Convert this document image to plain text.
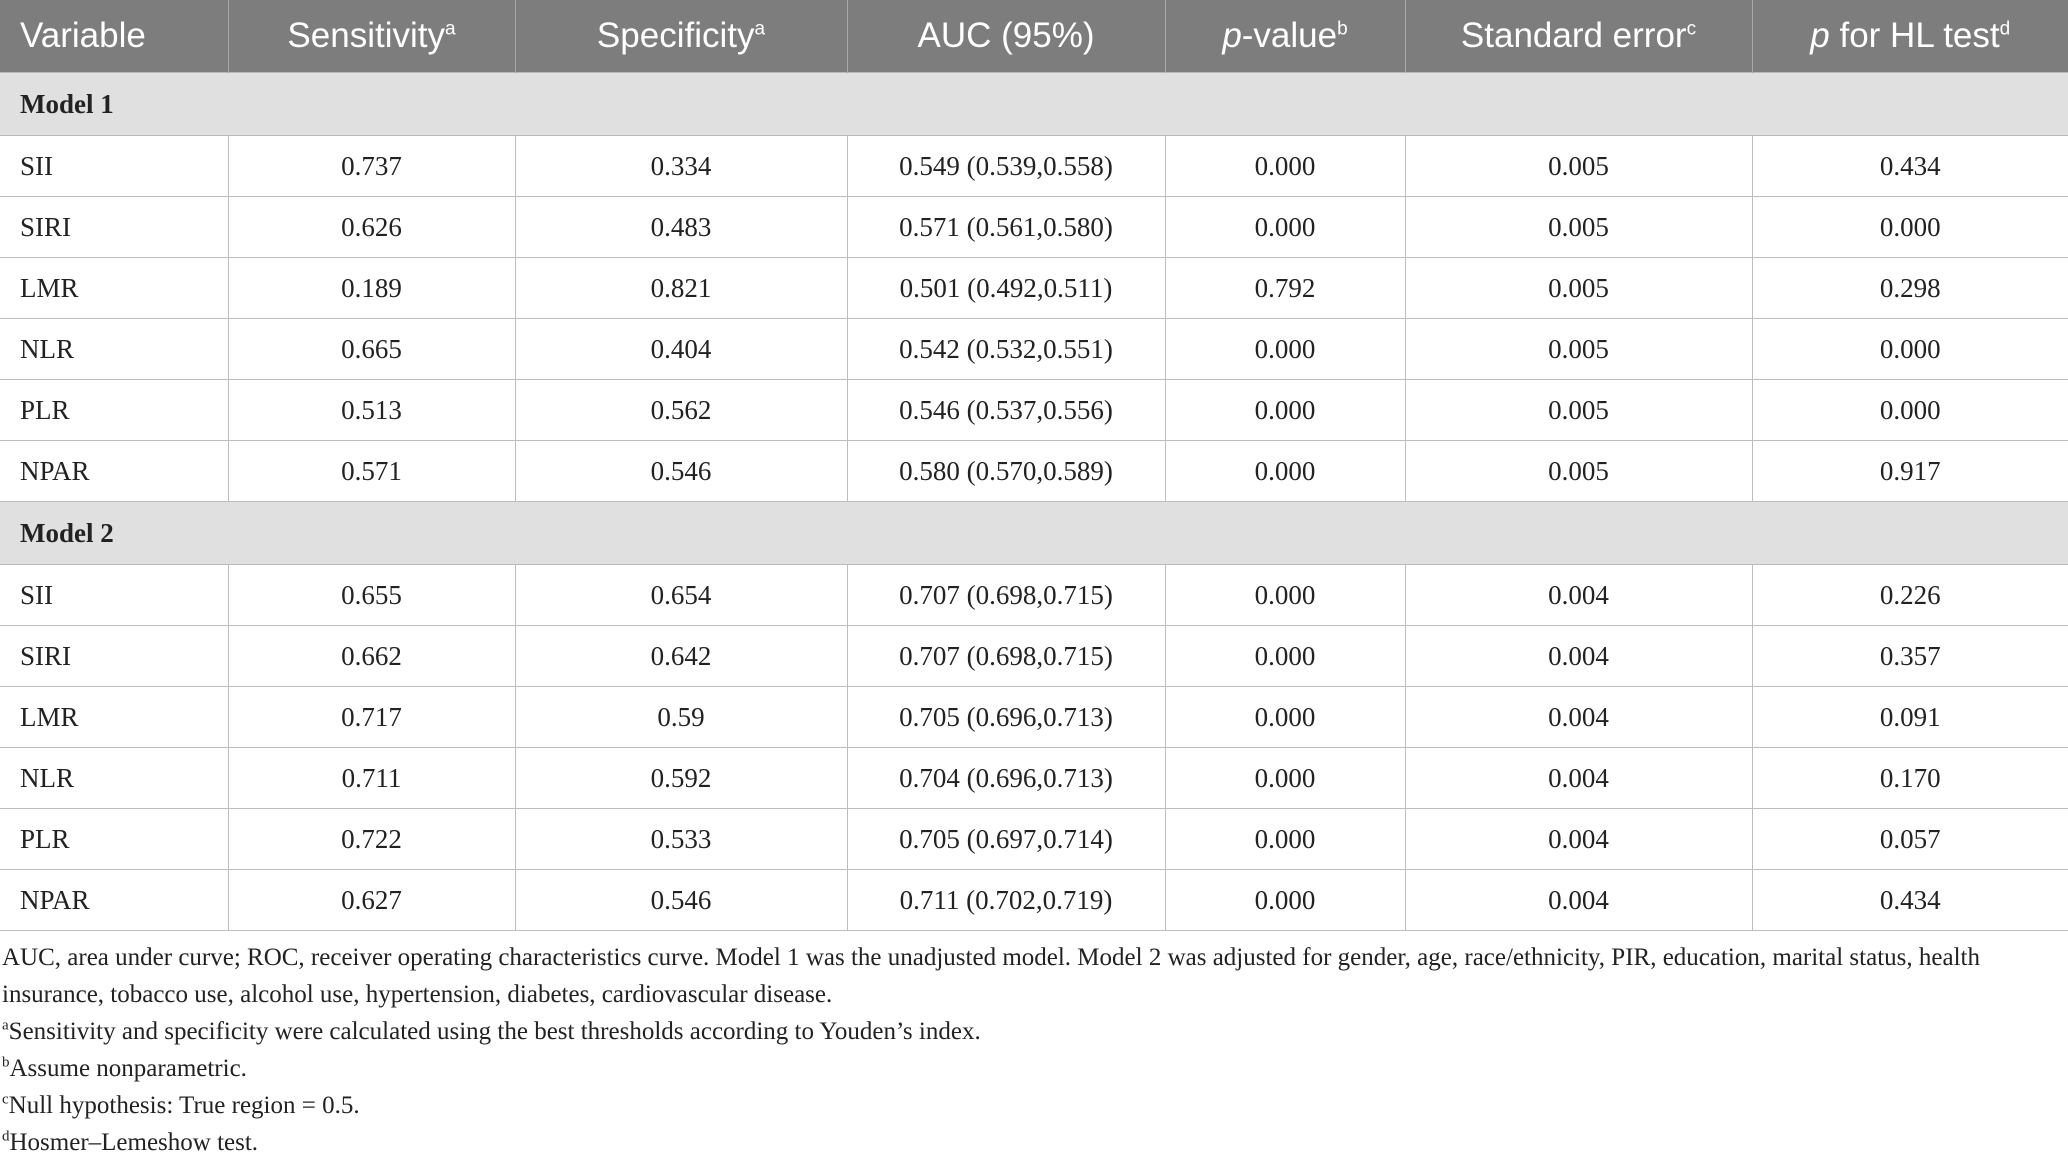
Variable	Sensitivity$^a$	Specificity$^a$	AUC (95%)	p-value$^b$	Standard error$^c$	p for HL test$^d$
Model 1						
SII	0.737	0.334	0.549 (0.539,0.558)	0.000	0.005	0.434
SIRI	0.626	0.483	0.571 (0.561,0.580)	0.000	0.005	0.000
LMR	0.189	0.821	0.501 (0.492,0.511)	0.792	0.005	0.298
NLR	0.665	0.404	0.542 (0.532,0.551)	0.000	0.005	0.000
PLR	0.513	0.562	0.546 (0.537,0.556)	0.000	0.005	0.000
NPAR	0.571	0.546	0.580 (0.570,0.589)	0.000	0.005	0.917
Model 2						
SII	0.655	0.654	0.707 (0.698,0.715)	0.000	0.004	0.226
SIRI	0.662	0.642	0.707 (0.698,0.715)	0.000	0.004	0.357
LMR	0.717	0.59	0.705 (0.696,0.713)	0.000	0.004	0.091
NLR	0.711	0.592	0.704 (0.696,0.713)	0.000	0.004	0.170
PLR	0.722	0.533	0.705 (0.697,0.714)	0.000	0.004	0.057
NPAR	0.627	0.546	0.711 (0.702,0.719)	0.000	0.004	0.434

AUC, area under curve; ROC, receiver operating characteristics curve. Model 1 was the unadjusted model. Model 2 was adjusted for gender, age, race/ethnicity, PIR, education, marital status, health insurance, tobacco use, alcohol use, hypertension, diabetes, cardiovascular disease.

$^a$Sensitivity and specificity were calculated using the best thresholds according to Youden’s index.

$^b$Assume nonparametric.

$^c$Null hypothesis: True region = 0.5.

$^d$Hosmer–Lemeshow test.
